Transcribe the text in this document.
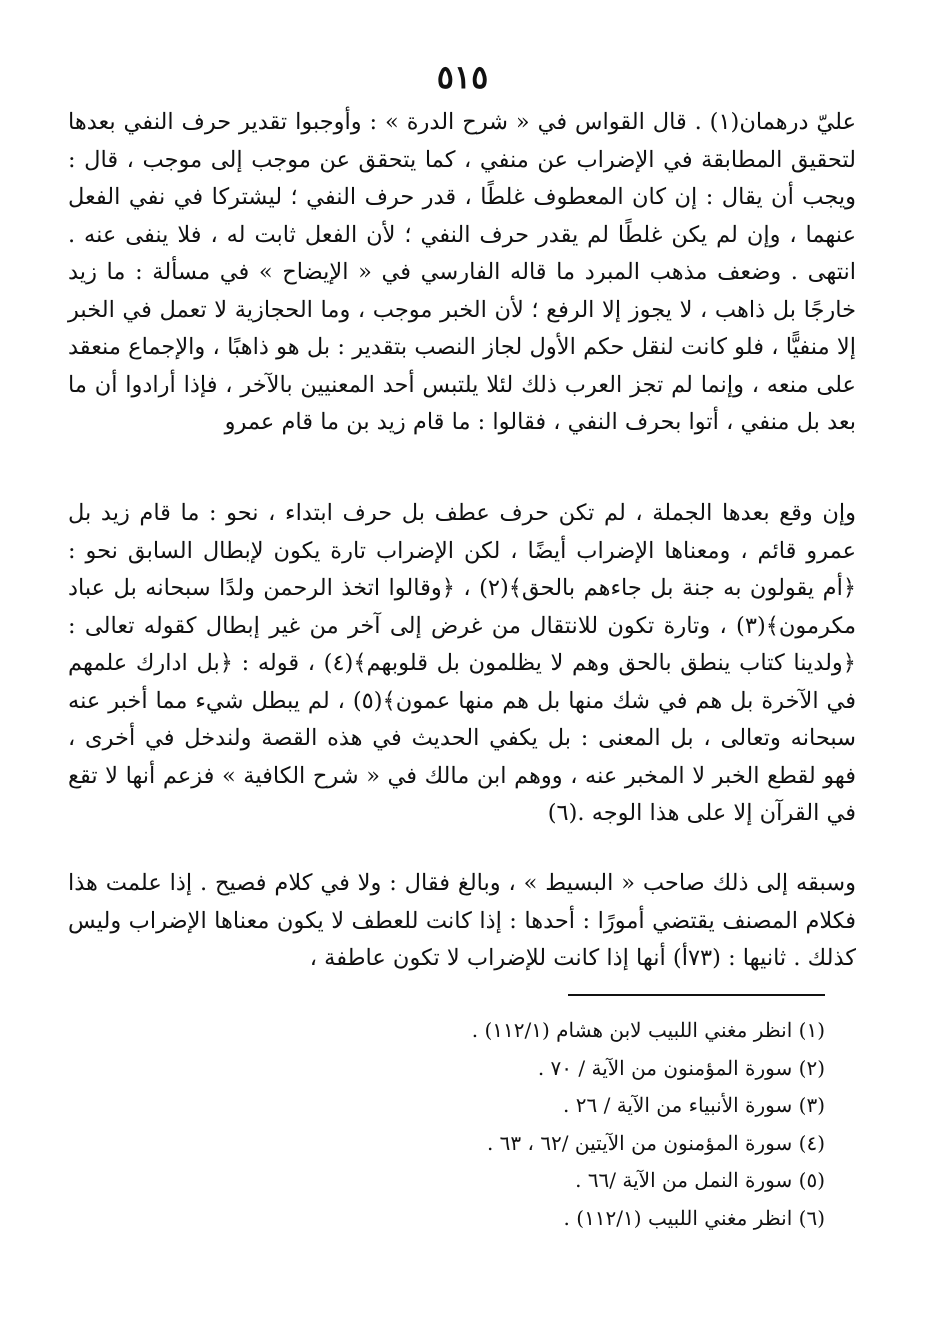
٥١٥

عليّ درهمان(١) . قال القواس في « شرح الدرة » : وأوجبوا تقدير حرف النفي بعدها لتحقيق المطابقة في الإضراب عن منفي ، كما يتحقق عن موجب إلى موجب ، قال : ويجب أن يقال : إن كان المعطوف غلطًا ، قدر حرف النفي ؛ ليشتركا في نفي الفعل عنهما ، وإن لم يكن غلطًا لم يقدر حرف النفي ؛ لأن الفعل ثابت له ، فلا ينفى عنه . انتهى . وضعف مذهب المبرد ما قاله الفارسي في « الإيضاح » في مسألة : ما زيد خارجًا بل ذاهب ، لا يجوز إلا الرفع ؛ لأن الخبر موجب ، وما الحجازية لا تعمل في الخبر إلا منفيًّا ، فلو كانت لنقل حكم الأول لجاز النصب بتقدير : بل هو ذاهبًا ، والإجماع منعقد على منعه ، وإنما لم تجز العرب ذلك لئلا يلتبس أحد المعنيين بالآخر ، فإذا أرادوا أن ما بعد بل منفي ، أتوا بحرف النفي ، فقالوا : ما قام زيد بن ما قام عمرو

وإن وقع بعدها الجملة ، لم تكن حرف عطف بل حرف ابتداء ، نحو : ما قام زيد بل عمرو قائم ، ومعناها الإضراب أيضًا ، لكن الإضراب تارة يكون لإبطال السابق نحو : ﴿أم يقولون به جنة بل جاءهم بالحق﴾(٢) ، ﴿وقالوا اتخذ الرحمن ولدًا سبحانه بل عباد مكرمون﴾(٣) ، وتارة تكون للانتقال من غرض إلى آخر من غير إبطال كقوله تعالى : ﴿ولدينا كتاب ينطق بالحق وهم لا يظلمون بل قلوبهم﴾(٤) ، قوله : ﴿بل ادارك علمهم في الآخرة بل هم في شك منها بل هم منها عمون﴾(٥) ، لم يبطل شيء مما أخبر عنه سبحانه وتعالى ، بل المعنى : بل يكفي الحديث في هذه القصة ولندخل في أخرى ، فهو لقطع الخبر لا المخبر عنه ، ووهم ابن مالك في « شرح الكافية » فزعم أنها لا تقع في القرآن إلا على هذا الوجه .(٦)

وسبقه إلى ذلك صاحب « البسيط » ، وبالغ فقال : ولا في كلام فصيح . إذا علمت هذا فكلام المصنف يقتضي أمورًا : أحدها : إذا كانت للعطف لا يكون معناها الإضراب وليس كذلك . ثانيها : (٧٣أ) أنها إذا كانت للإضراب لا تكون عاطفة ،

(١) انظر مغني اللبيب لابن هشام (١١٢/١) .
(٢) سورة المؤمنون من الآية / ٧٠ .
(٣) سورة الأنبياء من الآية / ٢٦ .
(٤) سورة المؤمنون من الآيتين /٦٢ ، ٦٣ .
(٥) سورة النمل من الآية /٦٦ .
(٦) انظر مغني اللبيب (١١٢/١) .
